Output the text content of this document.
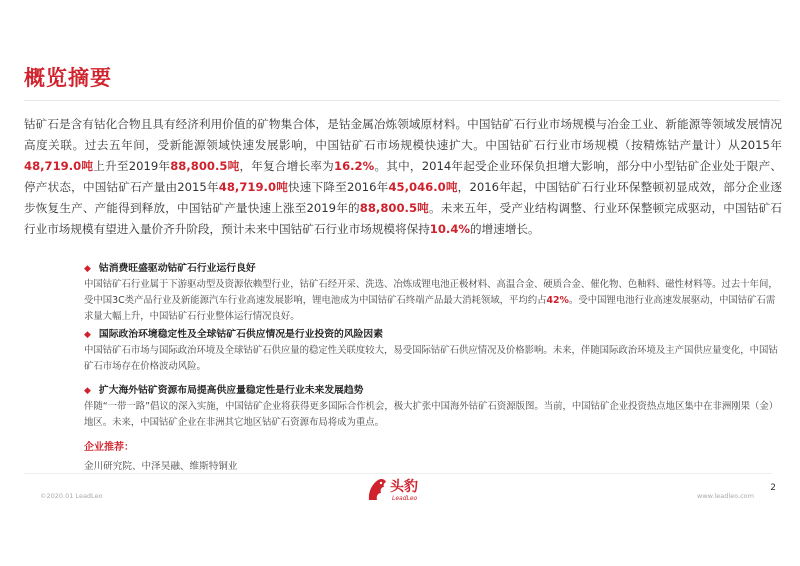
概览摘要
钴矿石是含有钴化合物且具有经济利用价值的矿物集合体，是钴金属冶炼领域原材料。中国钴矿石行业市场规模与冶金工业、新能源等领域发展情况高度关联。过去五年间，受新能源领域快速发展影响，中国钴矿石市场规模快速扩大。中国钴矿石行业市场规模（按精炼钴产量计）从2015年48,719.0吨上升至2019年88,800.5吨，年复合增长率为16.2%。其中，2014年起受企业环保负担增大影响，部分中小型钴矿企业处于限产、停产状态，中国钴矿石产量由2015年48,719.0吨快速下降至2016年45,046.0吨，2016年起，中国钴矿石行业环保整顿初显成效，部分企业逐步恢复生产、产能得到释放，中国钴矿产量快速上涨至2019年的88,800.5吨。未来五年，受产业结构调整、行业环保整顿完成驱动，中国钴矿石行业市场规模有望进入量价齐升阶段，预计未来中国钴矿石行业市场规模将保持10.4%的增速增长。
◆ 钴消费旺盛驱动钴矿石行业运行良好
中国钴矿石行业属于下游驱动型及资源依赖型行业，钴矿石经开采、洗选、冶炼成锂电池正极材料、高温合金、硬质合金、催化物、色釉料、磁性材料等。过去十年间，受中国3C类产品行业及新能源汽车行业高速发展影响，锂电池成为中国钴矿石终端产品最大消耗领域，平均约占42%。受中国锂电池行业高速发展驱动，中国钴矿石需求量大幅上升，中国钴矿石行业整体运行情况良好。
◆ 国际政治环境稳定性及全球钴矿石供应情况是行业投资的风险因素
中国钴矿石市场与国际政治环境及全球钴矿石供应量的稳定性关联度较大，易受国际钴矿石供应情况及价格影响。未来，伴随国际政治环境及主产国供应量变化，中国钴矿石市场存在价格波动风险。
◆ 扩大海外钴矿资源布局提高供应量稳定性是行业未来发展趋势
伴随“一带一路”倡议的深入实施，中国钴矿企业将获得更多国际合作机会，极大扩张中国海外钴矿石资源版图。当前，中国钴矿企业投资热点地区集中在非洲刚果（金）地区。未来，中国钴矿企业在非洲其它地区钴矿石资源布局将成为重点。
企业推荐：
金川研究院、中泽昊融、维斯特铜业
©2020.01 LeadLeo
头豹
LeadLeo	www.leadleo.com
2
